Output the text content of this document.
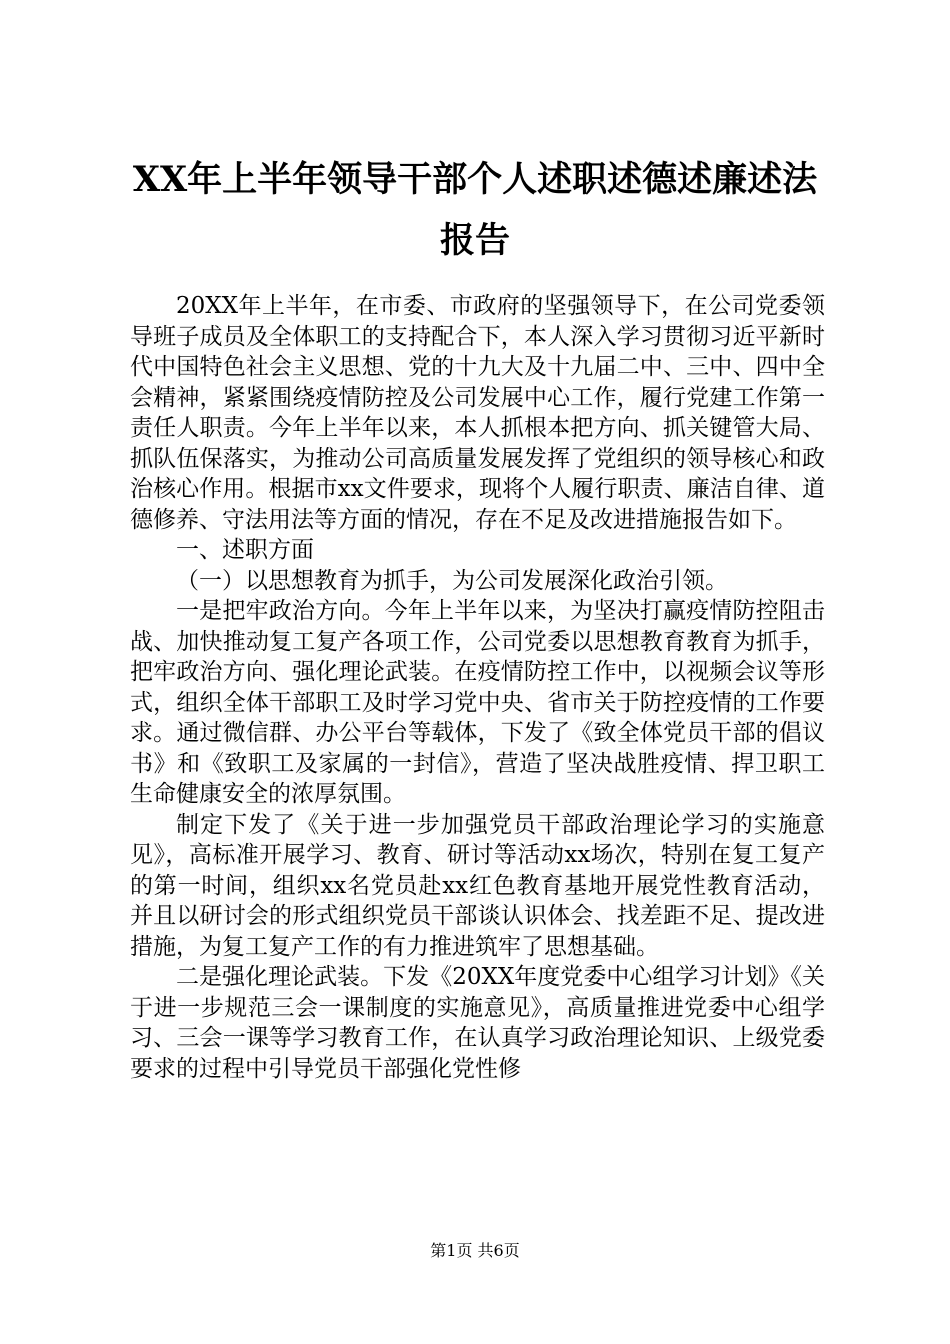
XX年上半年领导干部个人述职述德述廉述法
报告

20XX年上半年，在市委、市政府的坚强领导下，在公司党委领导班子成员及全体职工的支持配合下，本人深入学习贯彻习近平新时代中国特色社会主义思想、党的十九大及十九届二中、三中、四中全会精神，紧紧围绕疫情防控及公司发展中心工作，履行党建工作第一责任人职责。今年上半年以来，本人抓根本把方向、抓关键管大局、抓队伍保落实，为推动公司高质量发展发挥了党组织的领导核心和政治核心作用。根据市xx文件要求，现将个人履行职责、廉洁自律、道德修养、守法用法等方面的情况，存在不足及改进措施报告如下。

一、述职方面

（一）以思想教育为抓手，为公司发展深化政治引领。

一是把牢政治方向。今年上半年以来，为坚决打赢疫情防控阻击战、加快推动复工复产各项工作，公司党委以思想教育教育为抓手，把牢政治方向、强化理论武装。在疫情防控工作中，以视频会议等形式，组织全体干部职工及时学习党中央、省市关于防控疫情的工作要求。通过微信群、办公平台等载体，下发了《致全体党员干部的倡议书》和《致职工及家属的一封信》，营造了坚决战胜疫情、捍卫职工生命健康安全的浓厚氛围。

制定下发了《关于进一步加强党员干部政治理论学习的实施意见》，高标准开展学习、教育、研讨等活动xx场次，特别在复工复产的第一时间，组织xx名党员赴xx红色教育基地开展党性教育活动，并且以研讨会的形式组织党员干部谈认识体会、找差距不足、提改进措施，为复工复产工作的有力推进筑牢了思想基础。

二是强化理论武装。下发《20XX年度党委中心组学习计划》《关于进一步规范三会一课制度的实施意见》，高质量推进党委中心组学习、三会一课等学习教育工作，在认真学习政治理论知识、上级党委要求的过程中引导党员干部强化党性修

第1页 共6页
